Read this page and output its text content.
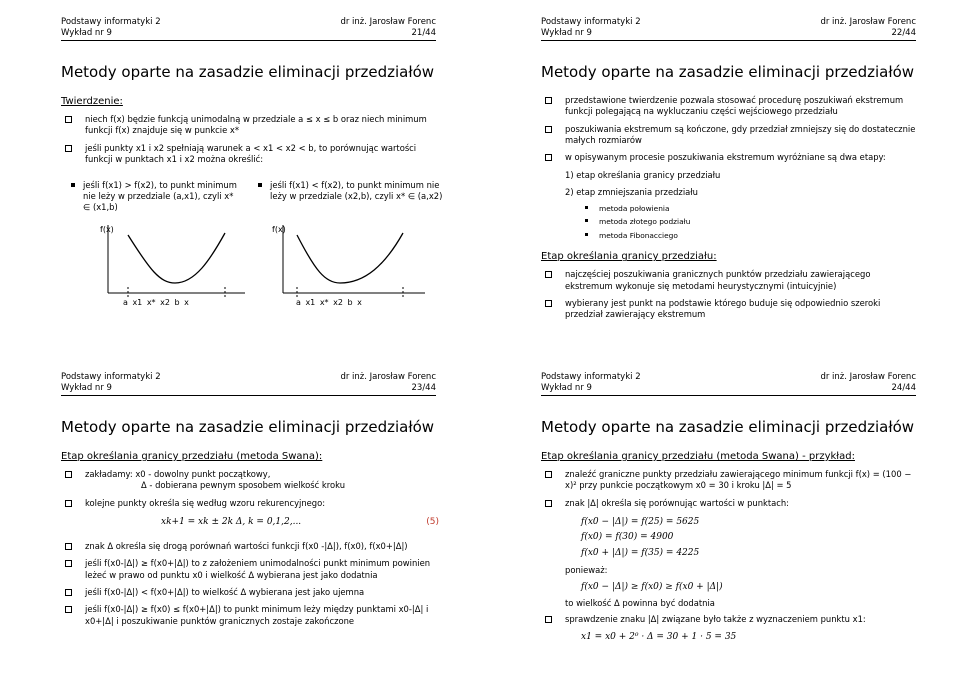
Podstawy informatyki 2
Wykład nr 9
dr inż. Jarosław Forenc
21/44
Metody oparte na zasadzie eliminacji przedziałów
Twierdzenie:
niech f(x) będzie funkcją unimodalną w przedziale a ≤ x ≤ b oraz niech minimum funkcji f(x) znajduje się w punkcie x*
jeśli punkty x1 i x2 spełniają warunek a < x1 < x2 < b, to porównując wartości funkcji w punktach x1 i x2 można określić:
jeśli f(x1) > f(x2), to punkt minimum nie leży w przedziale (a,x1), czyli x* ∈ (x1,b)
jeśli f(x1) < f(x2), to punkt minimum nie leży w przedziale (x2,b), czyli x* ∈ (a,x2)
f(x)
a x1 x* x2 b x
f(x)
a x1 x* x2 b x
Podstawy informatyki 2
Wykład nr 9
dr inż. Jarosław Forenc
22/44
Metody oparte na zasadzie eliminacji przedziałów
przedstawione twierdzenie pozwala stosować procedurę poszukiwań ekstremum funkcji polegającą na wykluczaniu części wejściowego przedziału
poszukiwania ekstremum są kończone, gdy przedział zmniejszy się do dostatecznie małych rozmiarów
w opisywanym procesie poszukiwania ekstremum wyróżniane są dwa etapy:
1) etap określania granicy przedziału
2) etap zmniejszania przedziału
metoda połowienia
metoda złotego podziału
metoda Fibonacciego
Etap określania granicy przedziału:
najczęściej poszukiwania granicznych punktów przedziału zawierającego ekstremum wykonuje się metodami heurystycznymi (intuicyjnie)
wybierany jest punkt na podstawie którego buduje się odpowiednio szeroki przedział zawierający ekstremum
Podstawy informatyki 2
Wykład nr 9
dr inż. Jarosław Forenc
23/44
Metody oparte na zasadzie eliminacji przedziałów
Etap określania granicy przedziału (metoda Swana):
zakładamy: x0 - dowolny punkt początkowy,
Δ - dobierana pewnym sposobem wielkość kroku
kolejne punkty określa się według wzoru rekurencyjnego:
xk+1 = xk ± 2k Δ, k = 0,1,2,...	(5)
znak Δ określa się drogą porównań wartości funkcji f(x0 -|Δ|), f(x0), f(x0+|Δ|)
jeśli f(x0-|Δ|) ≥ f(x0+|Δ|) to z założeniem unimodalności punkt minimum powinien leżeć w prawo od punktu x0 i wielkość Δ wybierana jest jako dodatnia
jeśli f(x0-|Δ|) < f(x0+|Δ|) to wielkość Δ wybierana jest jako ujemna
jeśli f(x0-|Δ|) ≥ f(x0) ≤ f(x0+|Δ|) to punkt minimum leży między punktami x0-|Δ| i x0+|Δ| i poszukiwanie punktów granicznych zostaje zakończone
Podstawy informatyki 2
Wykład nr 9
dr inż. Jarosław Forenc
24/44
Metody oparte na zasadzie eliminacji przedziałów
Etap określania granicy przedziału (metoda Swana) - przykład:
znaleźć graniczne punkty przedziału zawierającego minimum funkcji f(x) = (100 − x)² przy punkcie początkowym x0 = 30 i kroku |Δ| = 5
znak |Δ| określa się porównując wartości w punktach:
f(x0 − |Δ|) = f(25) = 5625
f(x0) = f(30) = 4900
f(x0 + |Δ|) = f(35) = 4225
ponieważ:
f(x0 − |Δ|) ≥ f(x0) ≥ f(x0 + |Δ|)
to wielkość Δ powinna być dodatnia
sprawdzenie znaku |Δ| związane było także z wyznaczeniem punktu x1:
x1 = x0 + 2⁰ · Δ = 30 + 1 · 5 = 35
